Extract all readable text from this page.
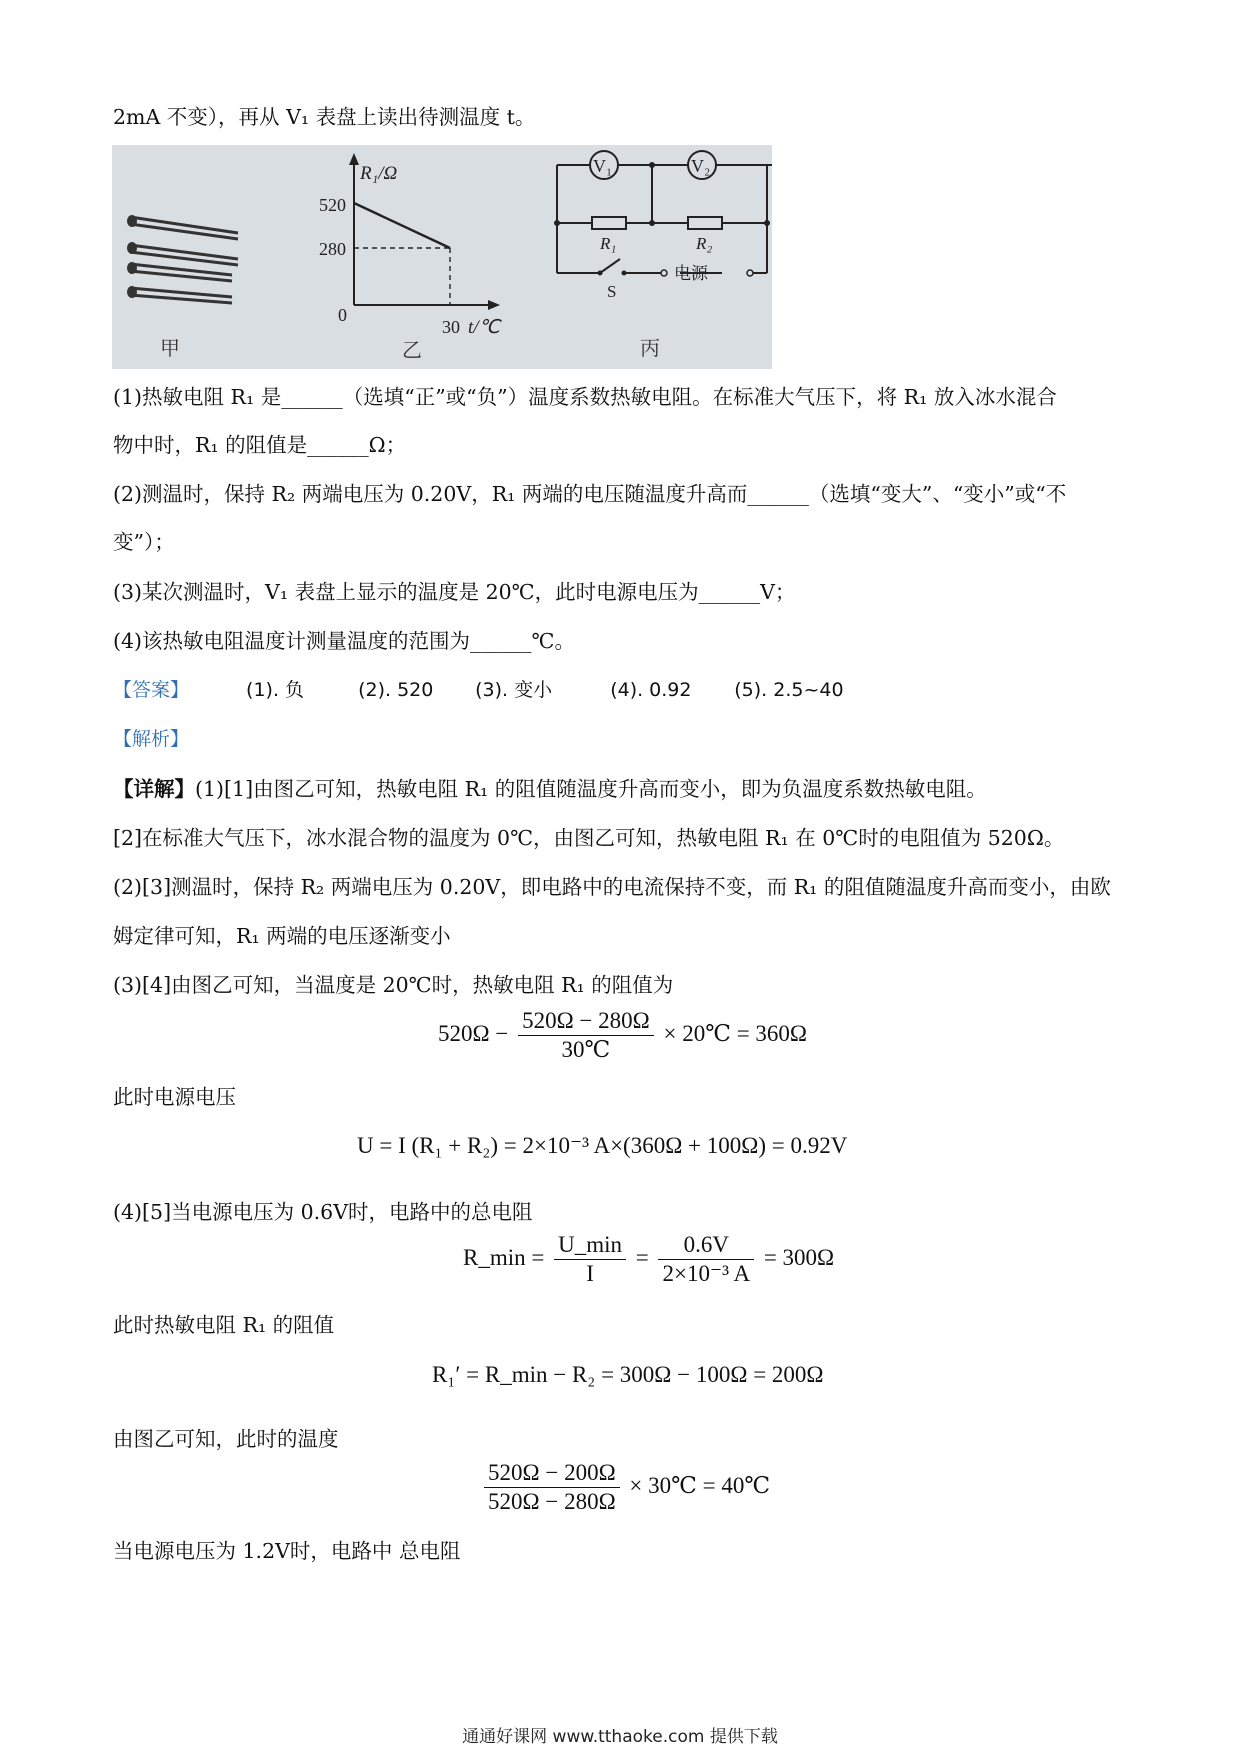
2mA 不变），再从 V₁ 表盘上读出待测温度 t。
甲
R₁/Ω
520
280
0
30 t/℃
乙
V₁	V₂
R₁	R₂
S
电源
丙
(1)热敏电阻 R₁ 是______（选填“正”或“负”）温度系数热敏电阻。在标准大气压下，将 R₁ 放入冰水混合
物中时，R₁ 的阻值是______Ω；
(2)测温时，保持 R₂ 两端电压为 0.20V，R₁ 两端的电压随温度升高而______（选填“变大”、“变小”或“不
变”）；
(3)某次测温时，V₁ 表盘上显示的温度是 20℃，此时电源电压为______V；
(4)该热敏电阻温度计测量温度的范围为______℃。
【答案】	(1). 负	(2). 520 (3). 变小	(4). 0.92 (5). 2.5~40
【解析】
【详解】(1)[1]由图乙可知，热敏电阻 R₁ 的阻值随温度升高而变小，即为负温度系数热敏电阻。
[2]在标准大气压下，冰水混合物的温度为 0℃，由图乙可知，热敏电阻 R₁ 在 0℃时的电阻值为 520Ω。
(2)[3]测温时，保持 R₂ 两端电压为 0.20V，即电路中的电流保持不变，而 R₁ 的阻值随温度升高而变小，由欧
姆定律可知，R₁ 两端的电压逐渐变小
(3)[4]由图乙可知，当温度是 20℃时，热敏电阻 R₁ 的阻值为
$520\Omega - \frac{520\Omega - 280\Omega}{30℃}$ × 20℃ = 360Ω
此时电源电压
U = I (R₁ + R₂) = 2×10⁻³ A×(360Ω + 100Ω) = 0.92V
(4)[5]当电源电压为 0.6V时，电路中的总电阻
R_min = $\frac{U\_\min}{I} = \frac{0.6V}{\text{2×10⁻³ A}} = 300\Omega$
此时热敏电阻 R₁ 的阻值
R₁′ = R_min − R₂ = 300Ω − 100Ω = 200Ω
由图乙可知，此时的温度
$\frac{520\Omega - 200\Omega}{520\Omega - 280\Omega}$ × 30℃ = 40℃
当电源电压为 1.2V时，电路中 总电阻
通通好课网 www.tthaoke.com 提供下载
